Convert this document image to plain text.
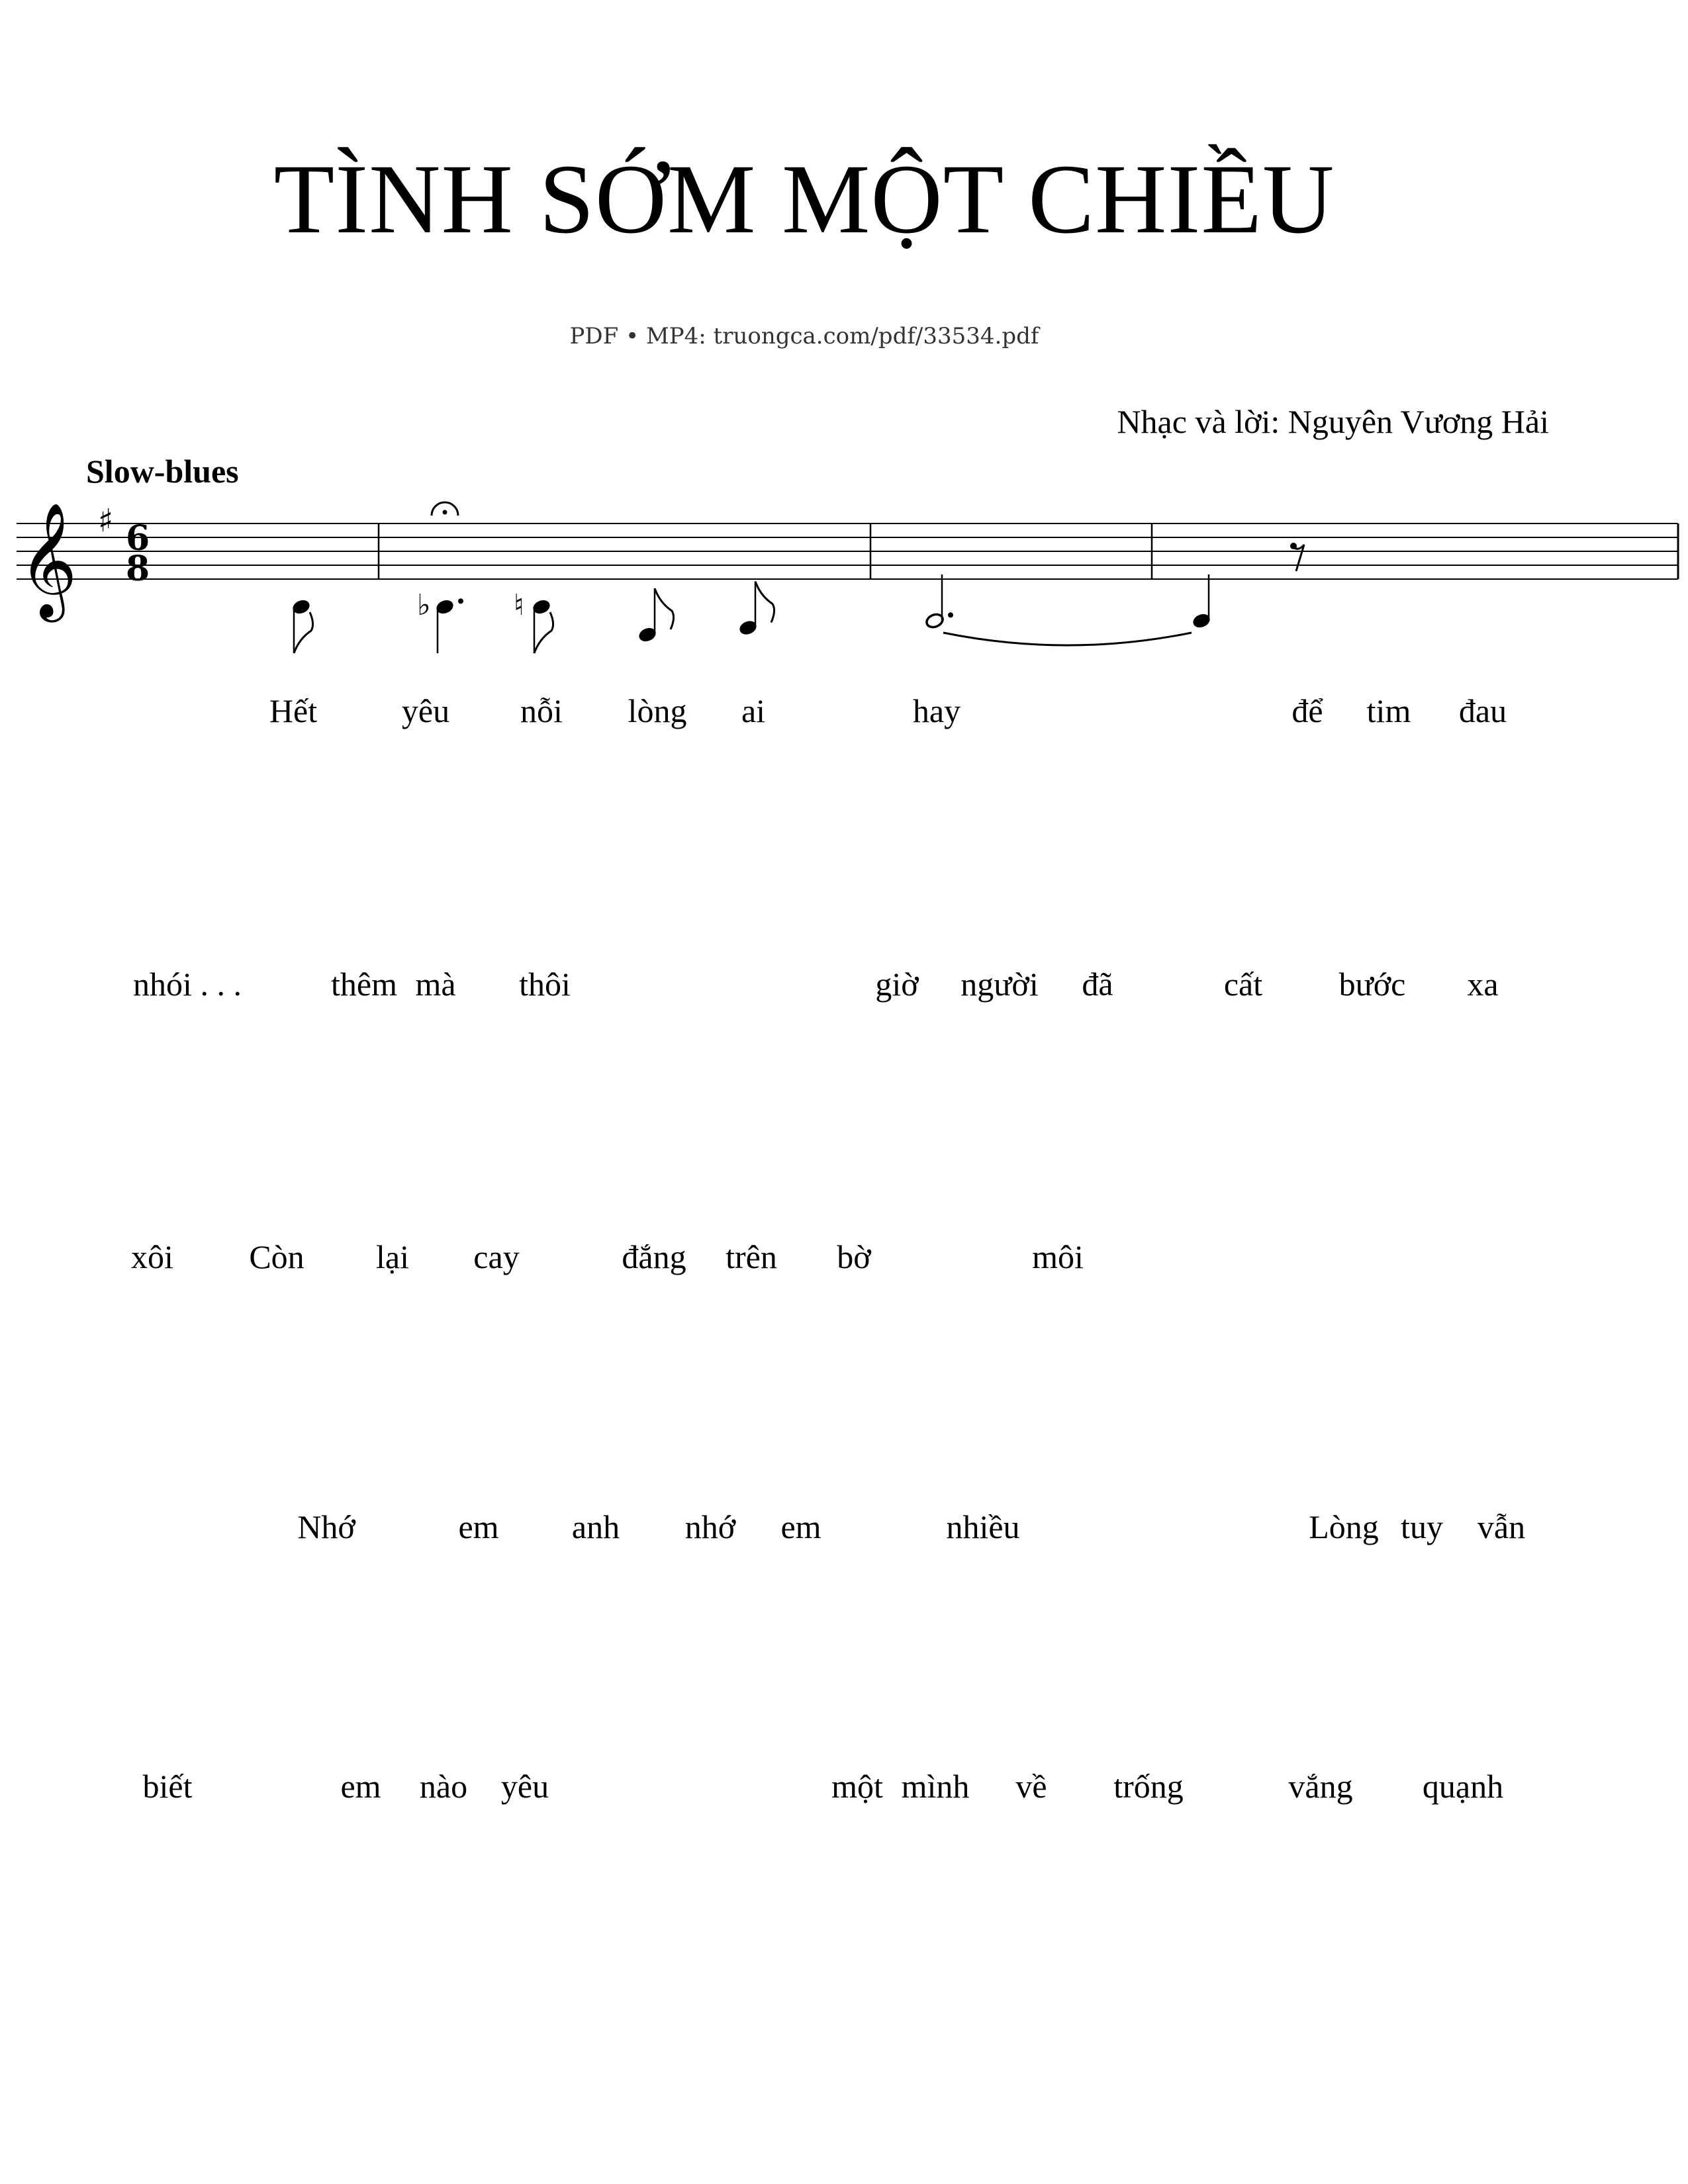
TÌNH SỚM MỘT CHIỀU
PDF • MP4: truongca.com/pdf/33534.pdf
Nhạc và lời: Nguyên Vương Hải
Slow-blues
Hết	yêu nỗi lòng ai	hay	để tim đau
nhói . . .	thêm mà thôi	giờ người đã	cất bước xa
xôi Còn lại cay	đắng trên bờ	môi
Nhớ	em anh nhớ em	nhiều	Lòng tuy vẫn
biết	em nào yêu	một mình về trống	vắng quạnh
𝄞 ♯ 6
8
♭	♮
